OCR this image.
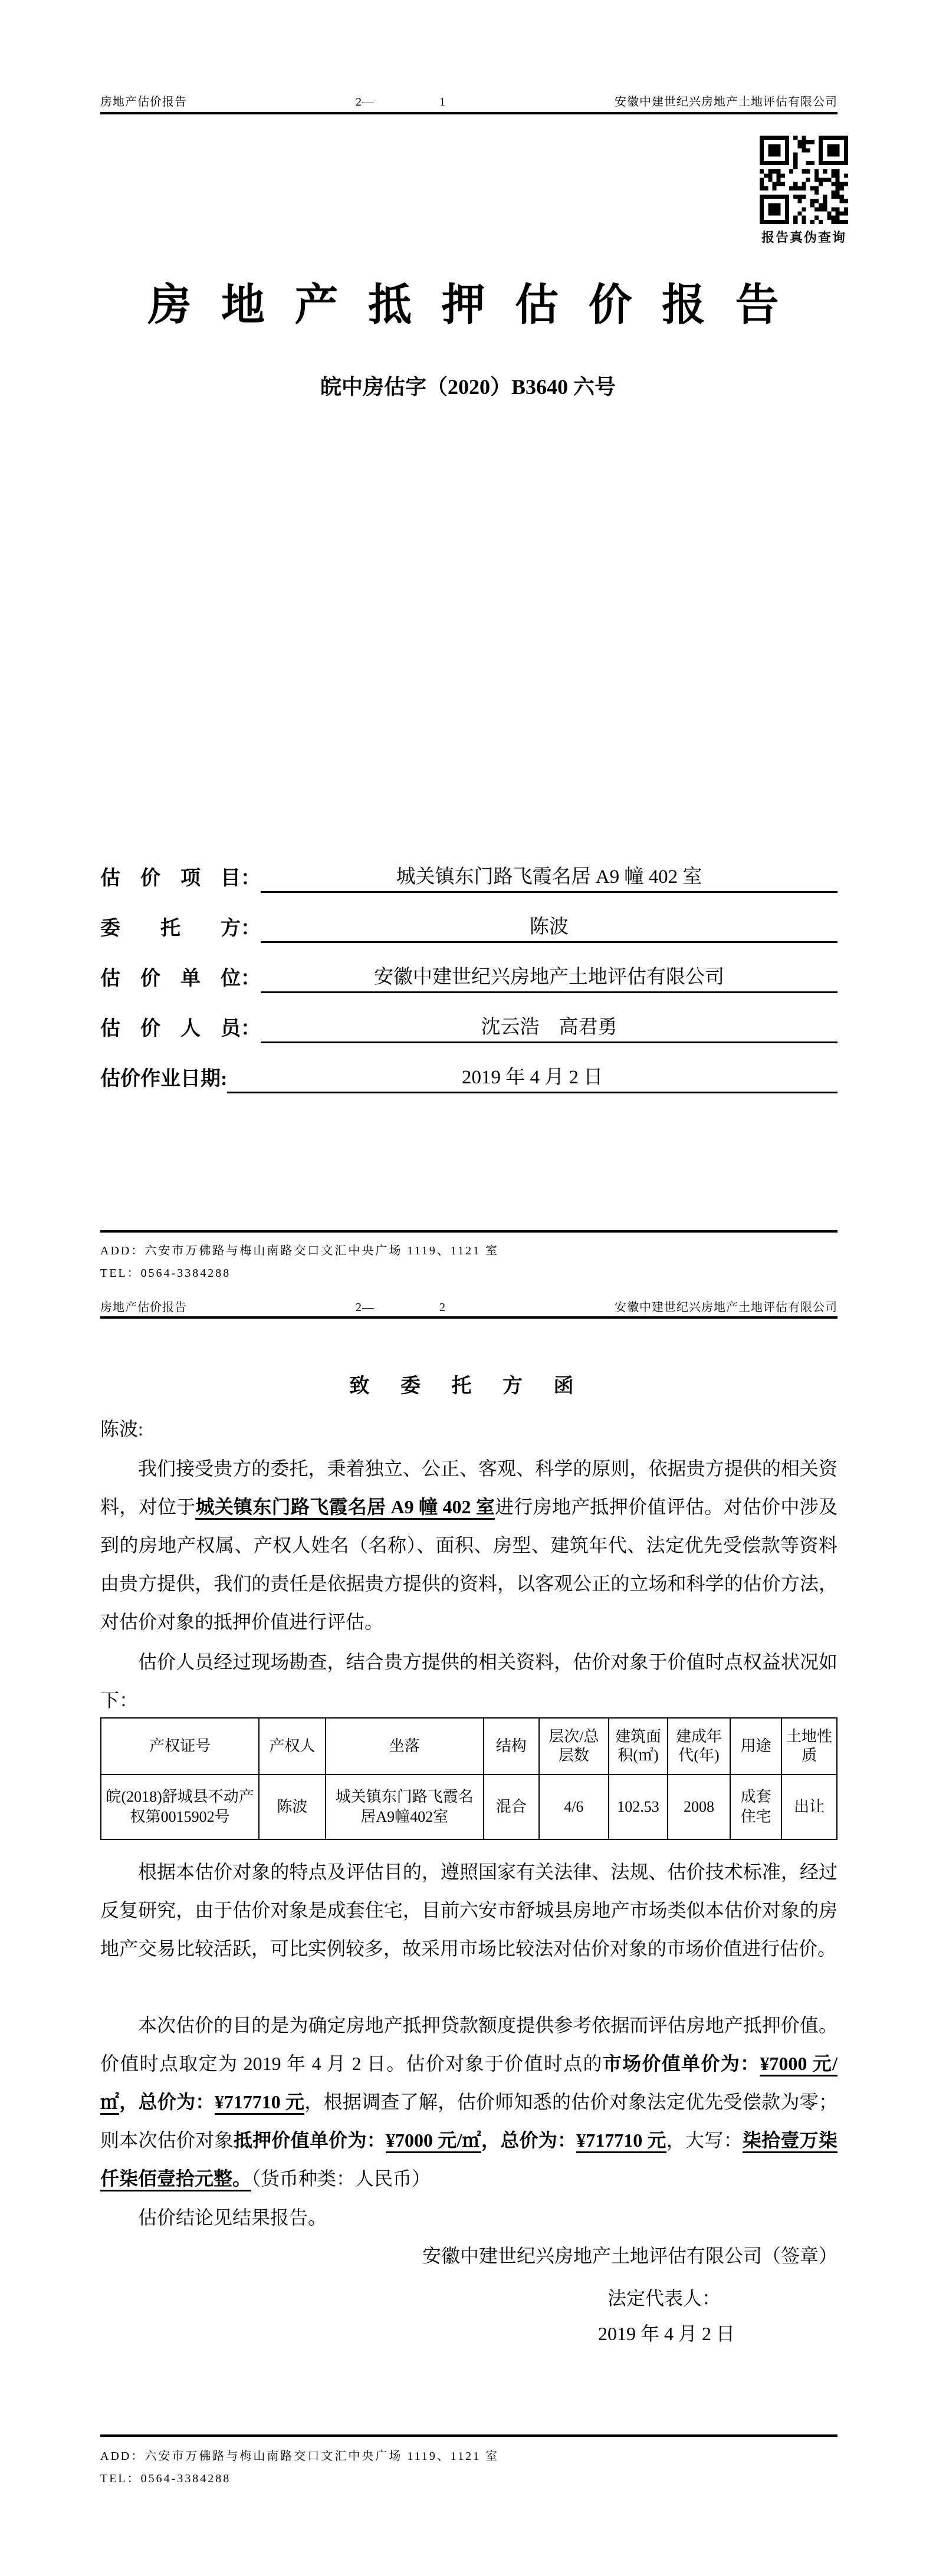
房地产估价报告	2—	1	安徽中建世纪兴房地产土地评估有限公司
报告真伪查询
房 地 产 抵 押 估 价 报 告
皖中房估字（2020）B3640 六号
估　价　项　目：	城关镇东门路飞霞名居 A9 幢 402 室
委　　托　　方：	陈波
估　价　单　位：	安徽中建世纪兴房地产土地评估有限公司
估　价　人　员：	沈云浩　高君勇
估价作业日期:	2019 年 4 月 2 日
ADD：六安市万佛路与梅山南路交口文汇中央广场 1119、1121 室
TEL：0564-3384288
房地产估价报告	2—	2	安徽中建世纪兴房地产土地评估有限公司
致 委 托 方 函
陈波:
我们接受贵方的委托，秉着独立、公正、客观、科学的原则，依据贵方提供的相关资料，对位于城关镇东门路飞霞名居 A9 幢 402 室进行房地产抵押价值评估。对估价中涉及到的房地产权属、产权人姓名（名称）、面积、房型、建筑年代、法定优先受偿款等资料由贵方提供，我们的责任是依据贵方提供的资料，以客观公正的立场和科学的估价方法，对估价对象的抵押价值进行评估。
估价人员经过现场勘查，结合贵方提供的相关资料，估价对象于价值时点权益状况如下：
产权证号	产权人	坐落	结构	层次/总层数	建筑面积(㎡)	建成年代(年)	用途	土地性质
皖(2018)舒城县不动产权第0015902号	陈波	城关镇东门路飞霞名居A9幢402室	混合	4/6	102.53	2008	成套住宅	出让
根据本估价对象的特点及评估目的，遵照国家有关法律、法规、估价技术标准，经过反复研究，由于估价对象是成套住宅，目前六安市舒城县房地产市场类似本估价对象的房地产交易比较活跃，可比实例较多，故采用市场比较法对估价对象的市场价值进行估价。
本次估价的目的是为确定房地产抵押贷款额度提供参考依据而评估房地产抵押价值。价值时点取定为 2019 年 4 月 2 日。估价对象于价值时点的市场价值单价为：¥7000 元/㎡，总价为：¥717710 元，根据调查了解，估价师知悉的估价对象法定优先受偿款为零；则本次估价对象抵押价值单价为：¥7000 元/㎡，总价为：¥717710 元，大写：柒拾壹万柒仟柒佰壹拾元整。（货币种类：人民币）
估价结论见结果报告。
安徽中建世纪兴房地产土地评估有限公司（签章）
法定代表人：
2019 年 4 月 2 日
ADD：六安市万佛路与梅山南路交口文汇中央广场 1119、1121 室
TEL：0564-3384288
